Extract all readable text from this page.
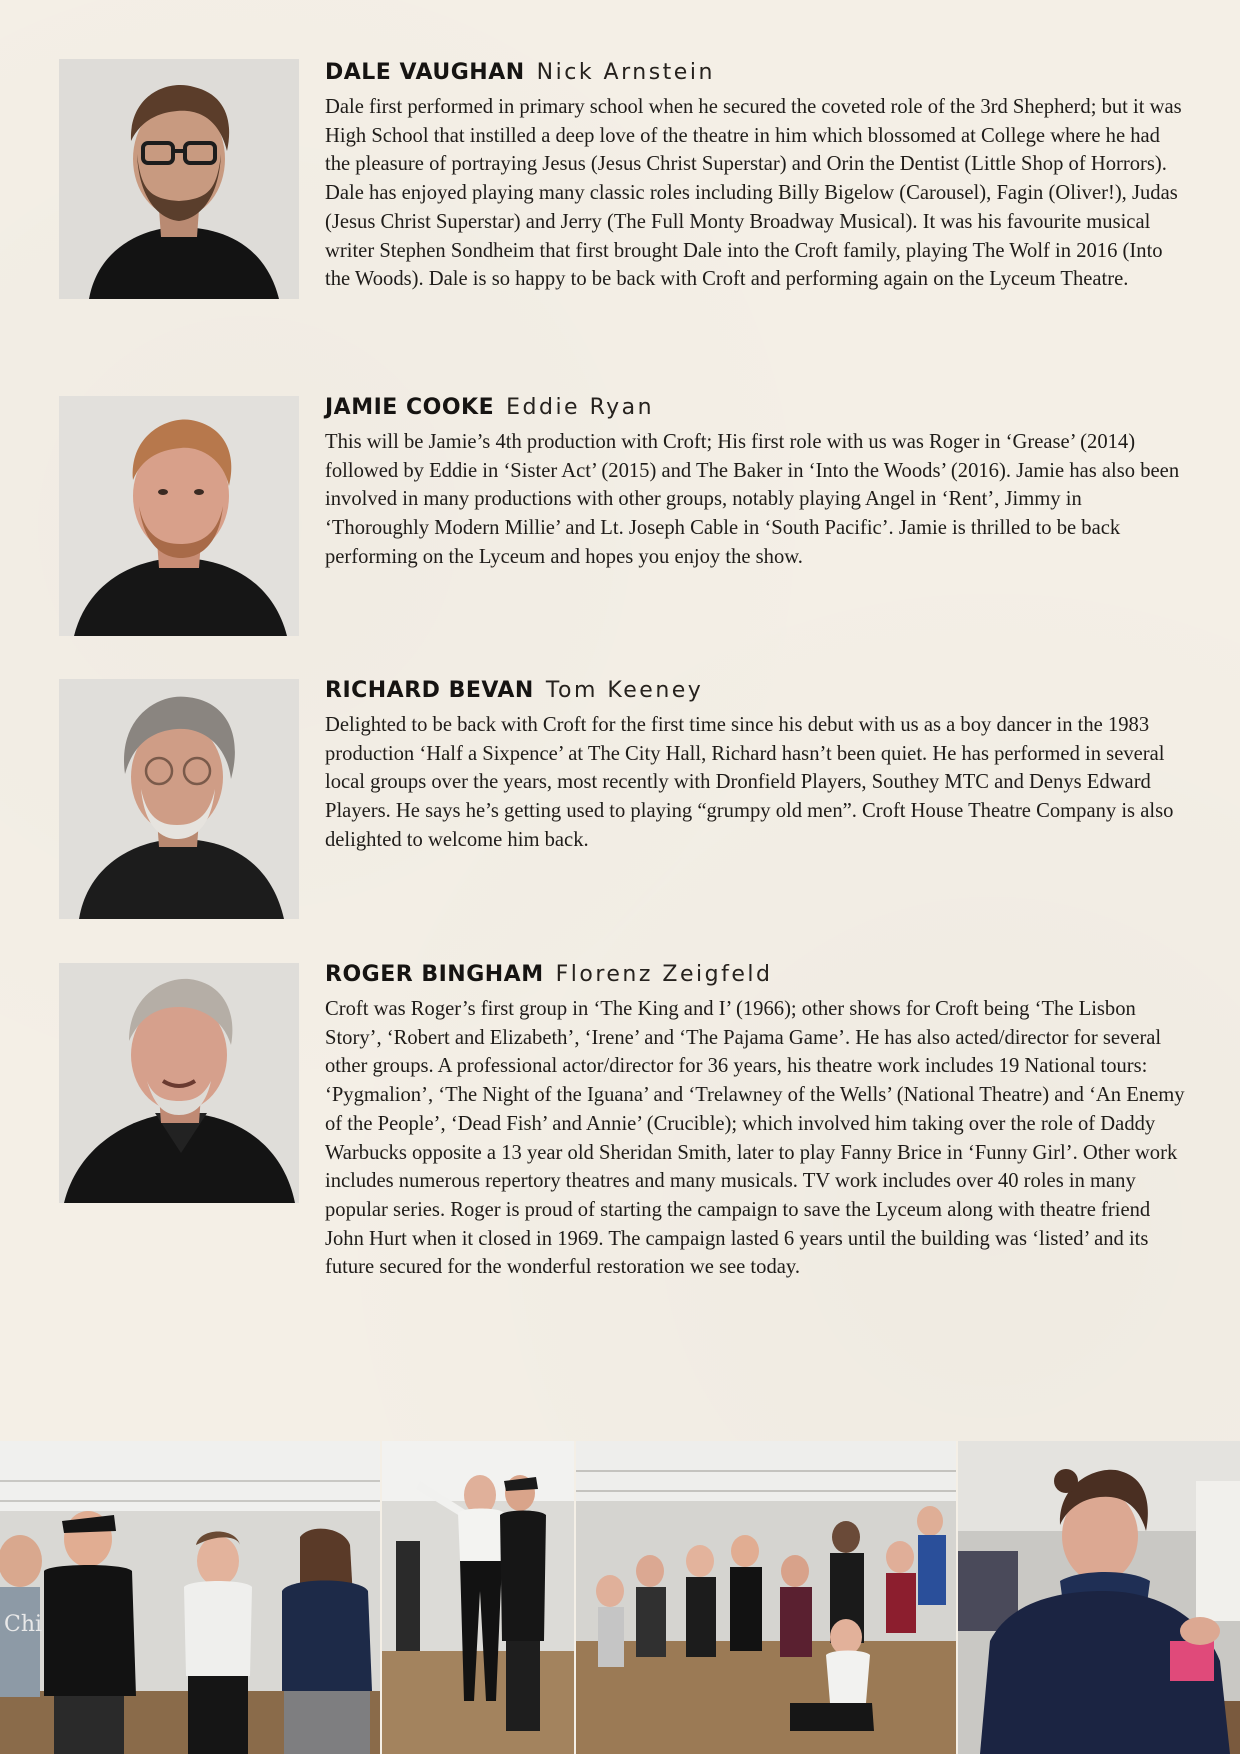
DALE VAUGHAN Nick Arnstein

Dale first performed in primary school when he secured the coveted role of the 3rd Shepherd; but it was High School that instilled a deep love of the theatre in him which blossomed at College where he had the pleasure of portraying Jesus (Jesus Christ Superstar) and Orin the Dentist (Little Shop of Horrors). Dale has enjoyed playing many classic roles including Billy Bigelow (Carousel), Fagin (Oliver!), Judas (Jesus Christ Superstar) and Jerry (The Full Monty Broadway Musical). It was his favourite musical writer Stephen Sondheim that first brought Dale into the Croft family, playing The Wolf in 2016 (Into the Woods). Dale is so happy to be back with Croft and performing again on the Lyceum Theatre.

JAMIE COOKE Eddie Ryan

This will be Jamie’s 4th production with Croft; His first role with us was Roger in ‘Grease’ (2014) followed by Eddie in ‘Sister Act’ (2015) and The Baker in ‘Into the Woods’ (2016). Jamie has also been involved in many productions with other groups, notably playing Angel in ‘Rent’, Jimmy in ‘Thoroughly Modern Millie’ and Lt. Joseph Cable in ‘South Pacific’. Jamie is thrilled to be back performing on the Lyceum and hopes you enjoy the show.

RICHARD BEVAN Tom Keeney

Delighted to be back with Croft for the first time since his debut with us as a boy dancer in the 1983 production ‘Half a Sixpence’ at The City Hall, Richard hasn’t been quiet. He has performed in several local groups over the years, most recently with Dronfield Players, Southey MTC and Denys Edward Players. He says he’s getting used to playing “grumpy old men”. Croft House Theatre Company is also delighted to welcome him back.

ROGER BINGHAM Florenz Zeigfeld

Croft was Roger’s first group in ‘The King and I’ (1966); other shows for Croft being ‘The Lisbon Story’, ‘Robert and Elizabeth’, ‘Irene’ and ‘The Pajama Game’. He has also acted/director for several other groups. A professional actor/director for 36 years, his theatre work includes 19 National tours: ‘Pygmalion’, ‘The Night of the Iguana’ and ‘Trelawney of the Wells’ (National Theatre) and ‘An Enemy of the People’, ‘Dead Fish’ and Annie’ (Crucible); which involved him taking over the role of Daddy Warbucks opposite a 13 year old Sheridan Smith, later to play Fanny Brice in ‘Funny Girl’. Other work includes numerous repertory theatres and many musicals. TV work includes over 40 roles in many popular series. Roger is proud of starting the campaign to save the Lyceum along with theatre friend John Hurt when it closed in 1969. The campaign lasted 6 years until the building was ‘listed’ and its future secured for the wonderful restoration we see today.

Chi
